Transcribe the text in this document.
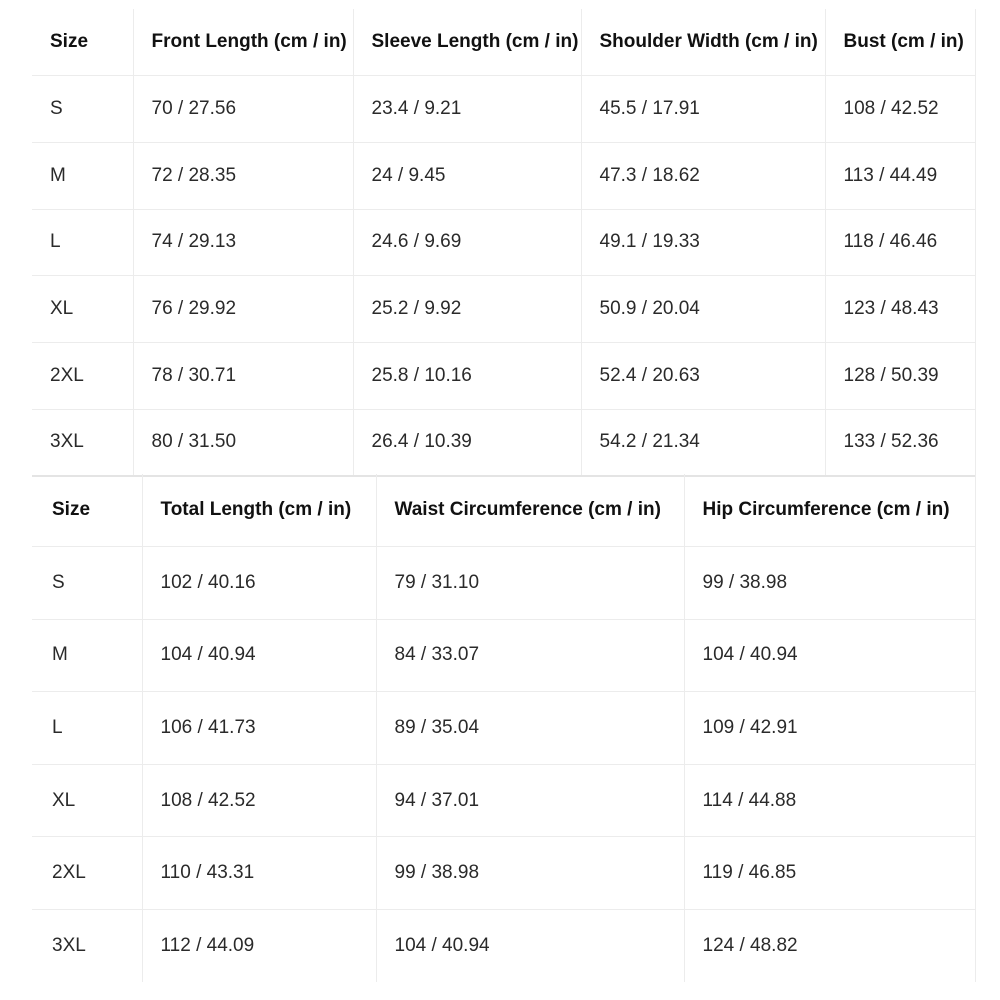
Size	Front Length (cm / in)	Sleeve Length (cm / in)	Shoulder Width (cm / in)	Bust (cm / in)
S	70 / 27.56	23.4 / 9.21	45.5 / 17.91	108 / 42.52
M	72 / 28.35	24 / 9.45	47.3 / 18.62	113 / 44.49
L	74 / 29.13	24.6 / 9.69	49.1 / 19.33	118 / 46.46
XL	76 / 29.92	25.2 / 9.92	50.9 / 20.04	123 / 48.43
2XL	78 / 30.71	25.8 / 10.16	52.4 / 20.63	128 / 50.39
3XL	80 / 31.50	26.4 / 10.39	54.2 / 21.34	133 / 52.36
Size	Total Length (cm / in)	Waist Circumference (cm / in)	Hip Circumference (cm / in)
S	102 / 40.16	79 / 31.10	99 / 38.98
M	104 / 40.94	84 / 33.07	104 / 40.94
L	106 / 41.73	89 / 35.04	109 / 42.91
XL	108 / 42.52	94 / 37.01	114 / 44.88
2XL	110 / 43.31	99 / 38.98	119 / 46.85
3XL	112 / 44.09	104 / 40.94	124 / 48.82
